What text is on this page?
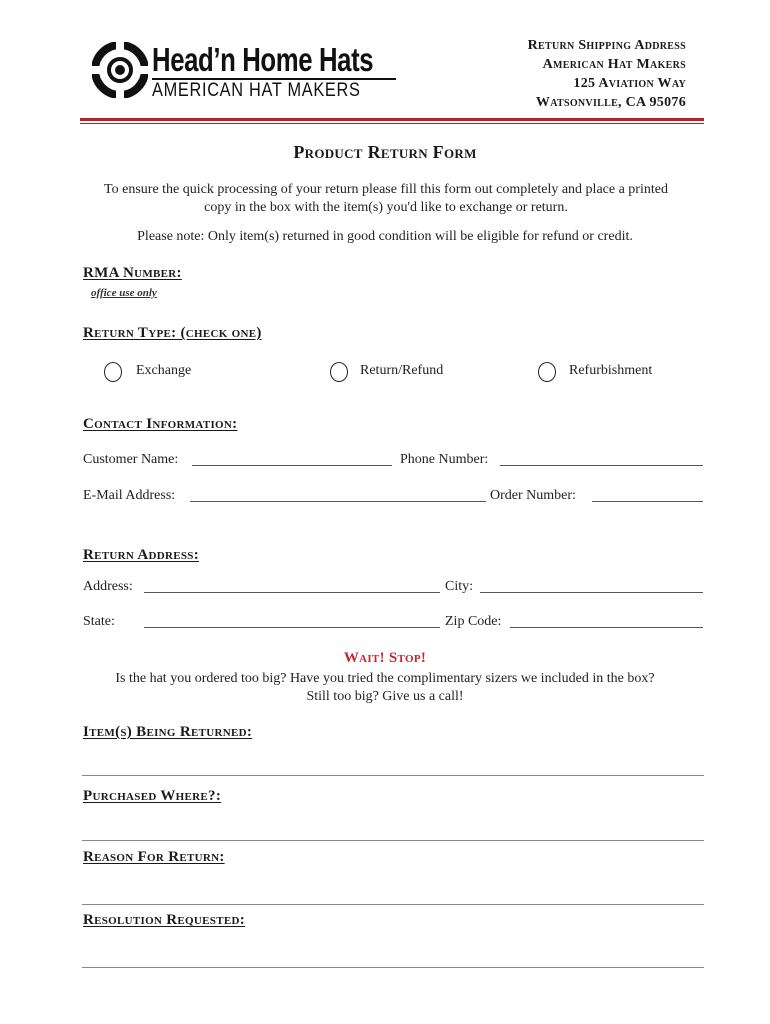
Head’n Home Hats
AMERICAN HAT MAKERS
Return Shipping Address
American Hat Makers
125 Aviation Way
Watsonville, CA 95076
Product Return Form
To ensure the quick processing of your return please fill this form out completely and place a printed copy in the box with the item(s) you'd like to exchange or return.
Please note: Only item(s) returned in good condition will be eligible for refund or credit.
RMA Number:
office use only
Return Type: (check one)
Exchange	Return/Refund	Refurbishment
Contact Information:
Customer Name:	Phone Number:
E-Mail Address:	Order Number:
Return Address:
Address:	City:
State:	Zip Code:
Wait! Stop!
Is the hat you ordered too big? Have you tried the complimentary sizers we included in the box?
Still too big? Give us a call!
Item(s) Being Returned:
Purchased Where?:
Reason For Return:
Resolution Requested:
